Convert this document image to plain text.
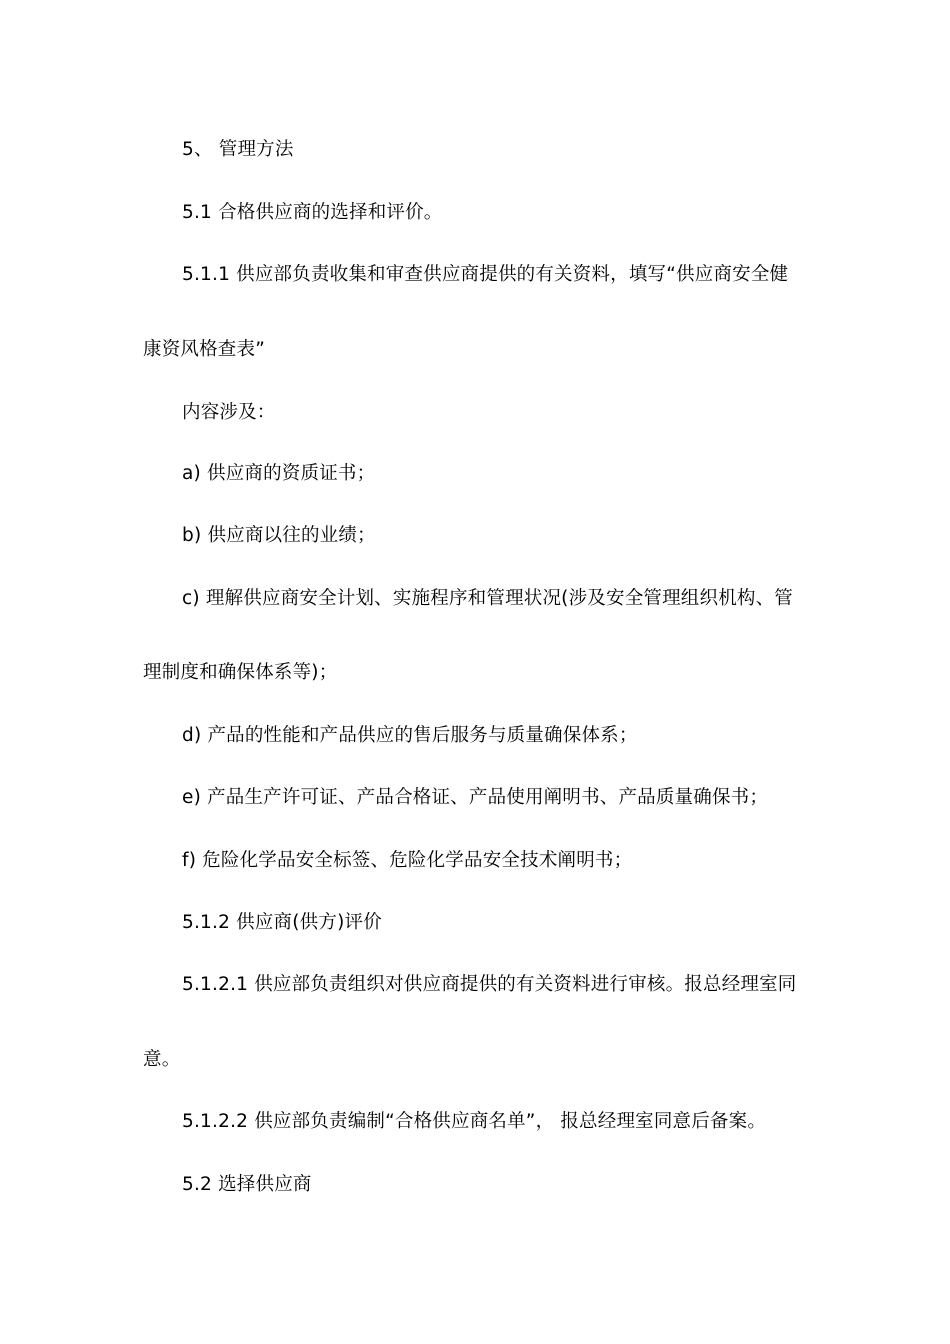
5、 管理方法
5.1 合格供应商的选择和评价。
5.1.1 供应部负责收集和审查供应商提供的有关资料，填写“供应商安全健
康资风格查表”
内容涉及：
a) 供应商的资质证书；
b) 供应商以往的业绩；
c) 理解供应商安全计划、实施程序和管理状况(涉及安全管理组织机构、管
理制度和确保体系等)；
d) 产品的性能和产品供应的售后服务与质量确保体系；
e) 产品生产许可证、产品合格证、产品使用阐明书、产品质量确保书；
f) 危险化学品安全标签、危险化学品安全技术阐明书；
5.1.2 供应商(供方)评价
5.1.2.1 供应部负责组织对供应商提供的有关资料进行审核。报总经理室同
意。
5.1.2.2 供应部负责编制“合格供应商名单”， 报总经理室同意后备案。
5.2 选择供应商
